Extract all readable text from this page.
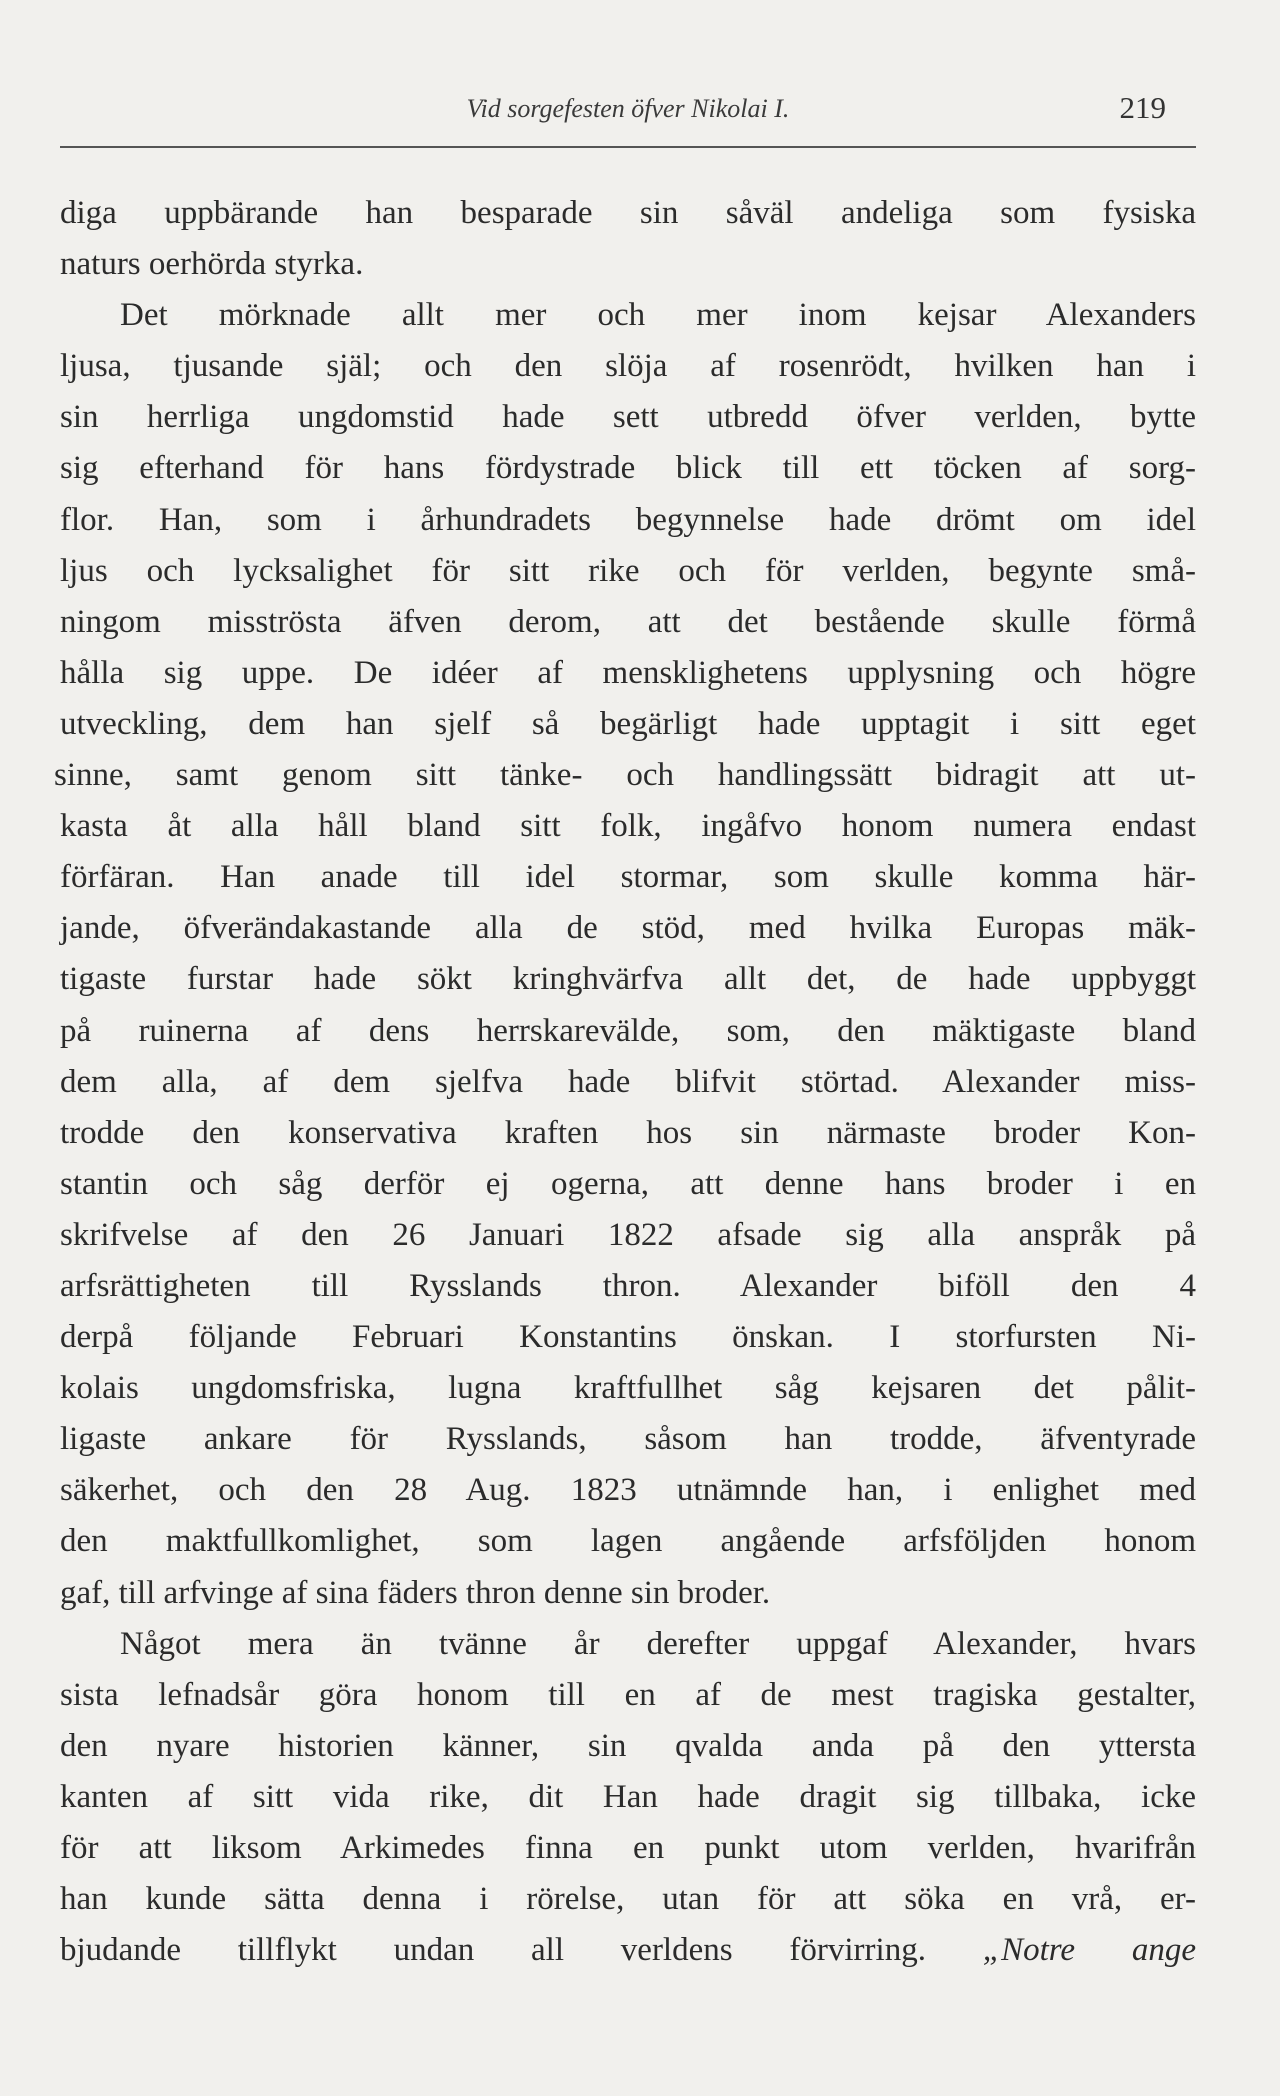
Vid sorgefesten öfver Nikolai I.	219
diga uppbärande han besparade sin såväl andeliga som fysiska
naturs oerhörda styrka.
Det mörknade allt mer och mer inom kejsar Alexanders
ljusa, tjusande själ; och den slöja af rosenrödt, hvilken han i
sin herrliga ungdomstid hade sett utbredd öfver verlden, bytte
sig efterhand för hans fördystrade blick till ett töcken af sorg-
flor. Han, som i århundradets begynnelse hade drömt om idel
ljus och lycksalighet för sitt rike och för verlden, begynte små-
ningom misströsta äfven derom, att det bestående skulle förmå
hålla sig uppe. De idéer af mensklighetens upplysning och högre
utveckling, dem han sjelf så begärligt hade upptagit i sitt eget
sinne, samt genom sitt tänke- och handlingssätt bidragit att ut-
kasta åt alla håll bland sitt folk, ingåfvo honom numera endast
förfäran. Han anade till idel stormar, som skulle komma här-
jande, öfverändakastande alla de stöd, med hvilka Europas mäk-
tigaste furstar hade sökt kringhvärfva allt det, de hade uppbyggt
på ruinerna af dens herrskarevälde, som, den mäktigaste bland
dem alla, af dem sjelfva hade blifvit störtad. Alexander miss-
trodde den konservativa kraften hos sin närmaste broder Kon-
stantin och såg derför ej ogerna, att denne hans broder i en
skrifvelse af den 26 Januari 1822 afsade sig alla anspråk på
arfsrättigheten till Rysslands thron. Alexander biföll den 4
derpå följande Februari Konstantins önskan. I storfursten Ni-
kolais ungdomsfriska, lugna kraftfullhet såg kejsaren det pålit-
ligaste ankare för Rysslands, såsom han trodde, äfventyrade
säkerhet, och den 28 Aug. 1823 utnämnde han, i enlighet med
den maktfullkomlighet, som lagen angående arfsföljden honom
gaf, till arfvinge af sina fäders thron denne sin broder.
Något mera än tvänne år derefter uppgaf Alexander, hvars
sista lefnadsår göra honom till en af de mest tragiska gestalter,
den nyare historien känner, sin qvalda anda på den yttersta
kanten af sitt vida rike, dit Han hade dragit sig tillbaka, icke
för att liksom Arkimedes finna en punkt utom verlden, hvarifrån
han kunde sätta denna i rörelse, utan för att söka en vrå, er-
bjudande tillflykt undan all verldens förvirring. „Notre ange
